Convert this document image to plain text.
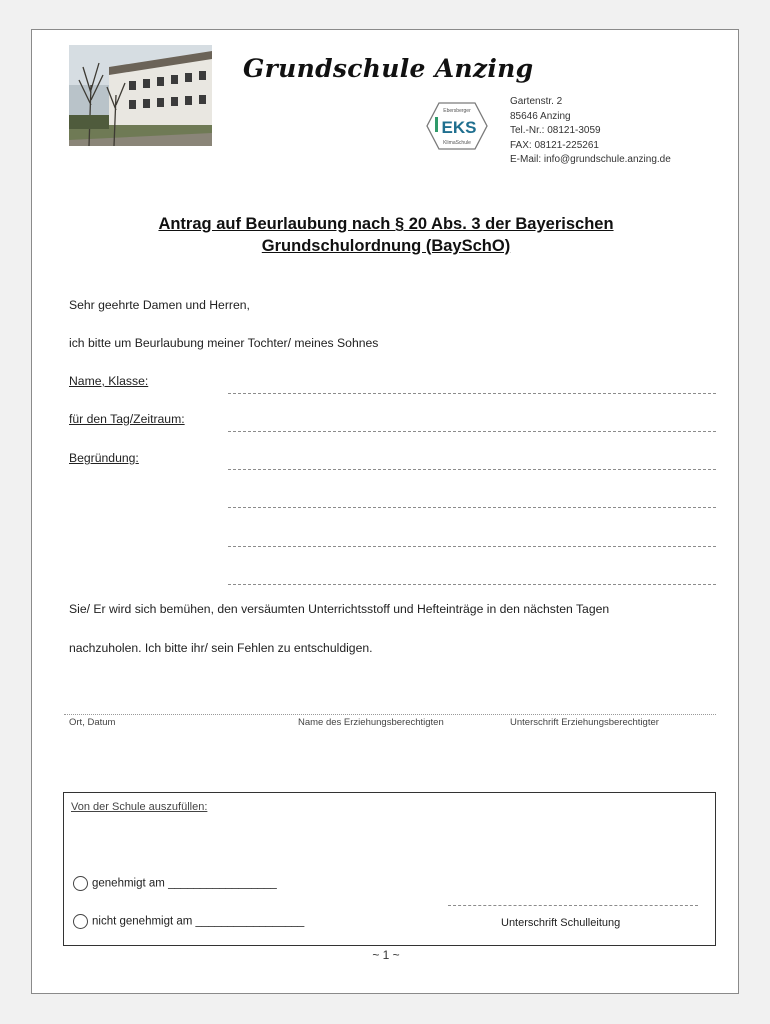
Grundschule Anzing
Ebersberger
EKS
KlimaSchule
Gartenstr. 2
85646 Anzing
Tel.-Nr.: 08121-3059
FAX: 08121-225261
E-Mail: info@grundschule.anzing.de
Antrag auf Beurlaubung nach § 20 Abs. 3 der Bayerischen
Grundschulordnung (BaySchO)
Sehr geehrte Damen und Herren,
ich bitte um Beurlaubung meiner Tochter/ meines Sohnes
Name, Klasse:
für den Tag/Zeitraum:
Begründung:
Sie/ Er wird sich bemühen, den versäumten Unterrichtsstoff und Hefteinträge in den nächsten Tagen
nachzuholen. Ich bitte ihr/ sein Fehlen zu entschuldigen.
Ort, Datum	Name des Erziehungsberechtigten	Unterschrift Erziehungsberechtigter
Von der Schule auszufüllen:
genehmigt am _________________
nicht genehmigt am _________________	Unterschrift Schulleitung
~ 1 ~
